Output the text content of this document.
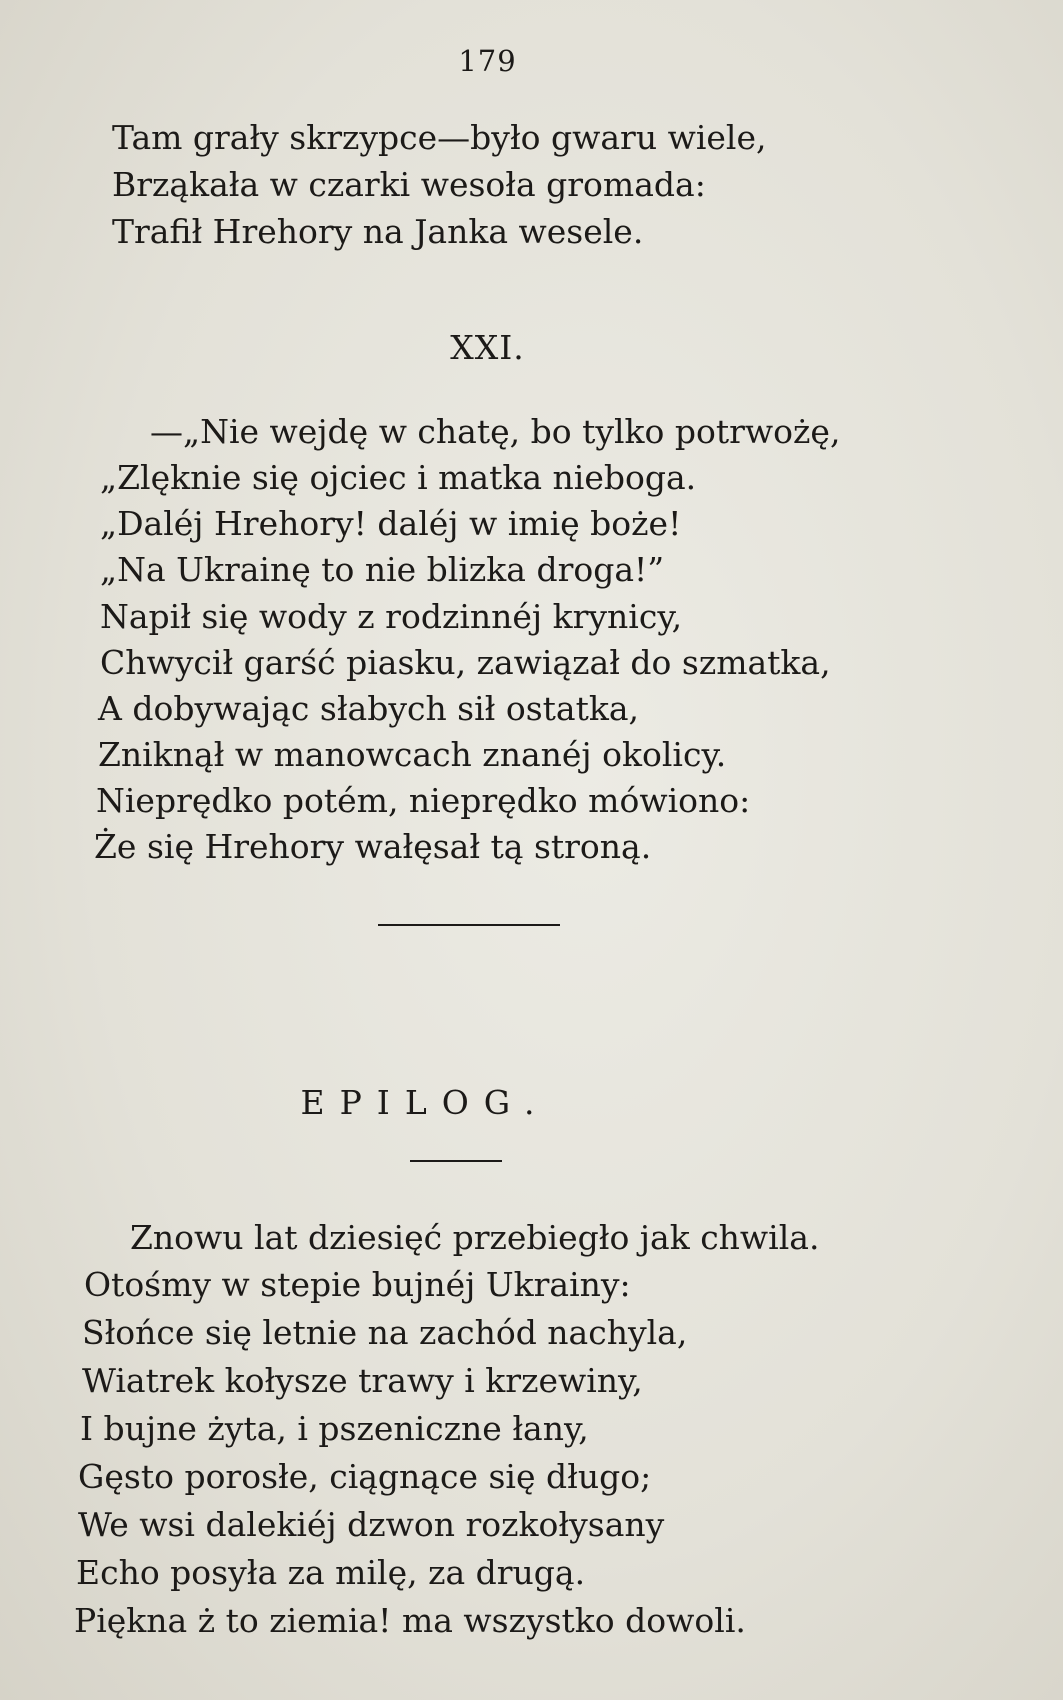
179
Tam grały skrzypce—było gwaru wiele,
Brząkała w czarki wesoła gromada:
Trafił Hrehory na Janka wesele.
XXI.
—„Nie wejdę w chatę, bo tylko potrwożę,
„Zlęknie się ojciec i matka niebogа.
„Daléj Hrehory! daléj w imię boże!
„Na Ukrainę to nie blizka droga!”
Napił się wody z rodzinnéj krynicy,
Chwycił garść piasku, zawiązał do szmatka,
A dobywając słabych sił ostatka,
Zniknął w manowcach znanéj okolicy.
Nieprędko potém, nieprędko mówiono:
Że się Hrehory wałęsał tą stroną.
EPILOG.
Znowu lat dziesięć przebiegło jak chwila.
Otośmy w stepie bujnéj Ukrainy:
Słońce się letnie na zachód nachyla,
Wiatrek kołysze trawy i krzewiny,
I bujne żyta, i pszeniczne łany,
Gęsto porosłe, ciągnące się długo;
We wsi dalekiéj dzwon rozkołysany
Echo posyła za milę, za drugą.
Piękna ż to ziemia! ma wszystko dowoli.
